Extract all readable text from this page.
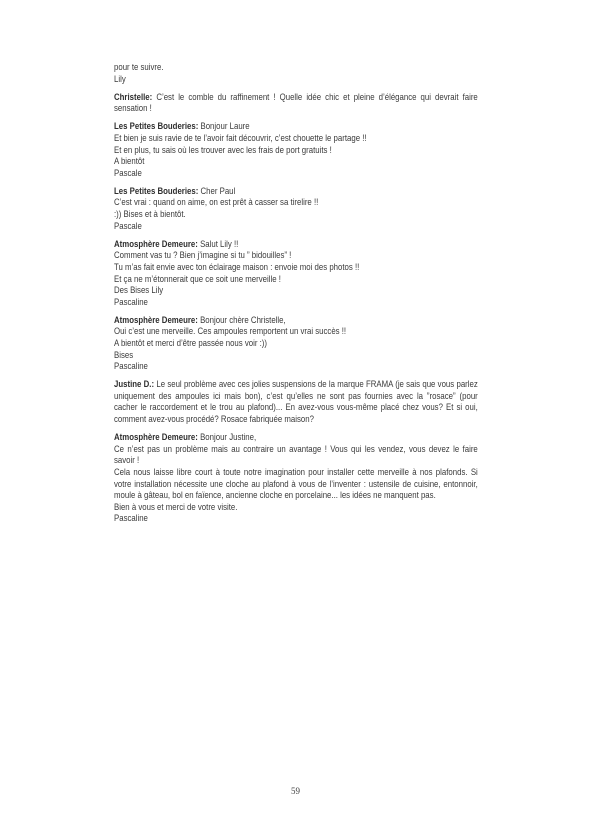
pour te suivre.
Lily
Christelle: C’est le comble du raffinement ! Quelle idée chic et pleine d’élégance qui devrait faire
sensation !
Les Petites Bouderies: Bonjour Laure
Et bien je suis ravie de te l’avoir fait découvrir, c’est chouette le partage !!
Et en plus, tu sais où les trouver avec les frais de port gratuits !
A bientôt
Pascale
Les Petites Bouderies: Cher Paul
C’est vrai : quand on aime, on est prêt à casser sa tirelire !!
:)) Bises et à bientôt.
Pascale
Atmosphère Demeure: Salut Lily !!
Comment vas tu ? Bien j’imagine si tu ” bidouilles” !
Tu m’as fait envie avec ton éclairage maison : envoie moi des photos !!
Et ça ne m’étonnerait que ce soit une merveille !
Des Bises Lily
Pascaline
Atmosphère Demeure: Bonjour chère Christelle,
Oui c’est une merveille. Ces ampoules remportent un vrai succès !!
A bientôt et merci d’être passée nous voir :))
Bises
Pascaline
Justine D.: Le seul problème avec ces jolies suspensions de la marque FRAMA (je sais que vous parlez
uniquement des ampoules ici mais bon), c’est qu’elles ne sont pas fournies avec la ”rosace” (pour
cacher le raccordement et le trou au plafond)... En avez-vous vous-même placé chez vous? Et si oui,
comment avez-vous procédé? Rosace fabriquée maison?
Atmosphère Demeure: Bonjour Justine,
Ce n’est pas un problème mais au contraire un avantage ! Vous qui les vendez, vous devez le faire
savoir !
Cela nous laisse libre court à toute notre imagination pour installer cette merveille à nos plafonds. Si
votre installation nécessite une cloche au plafond à vous de l’inventer : ustensile de cuisine, entonnoir,
moule à gâteau, bol en faïence, ancienne cloche en porcelaine... les idées ne manquent pas.
Bien à vous et merci de votre visite.
Pascaline
59
